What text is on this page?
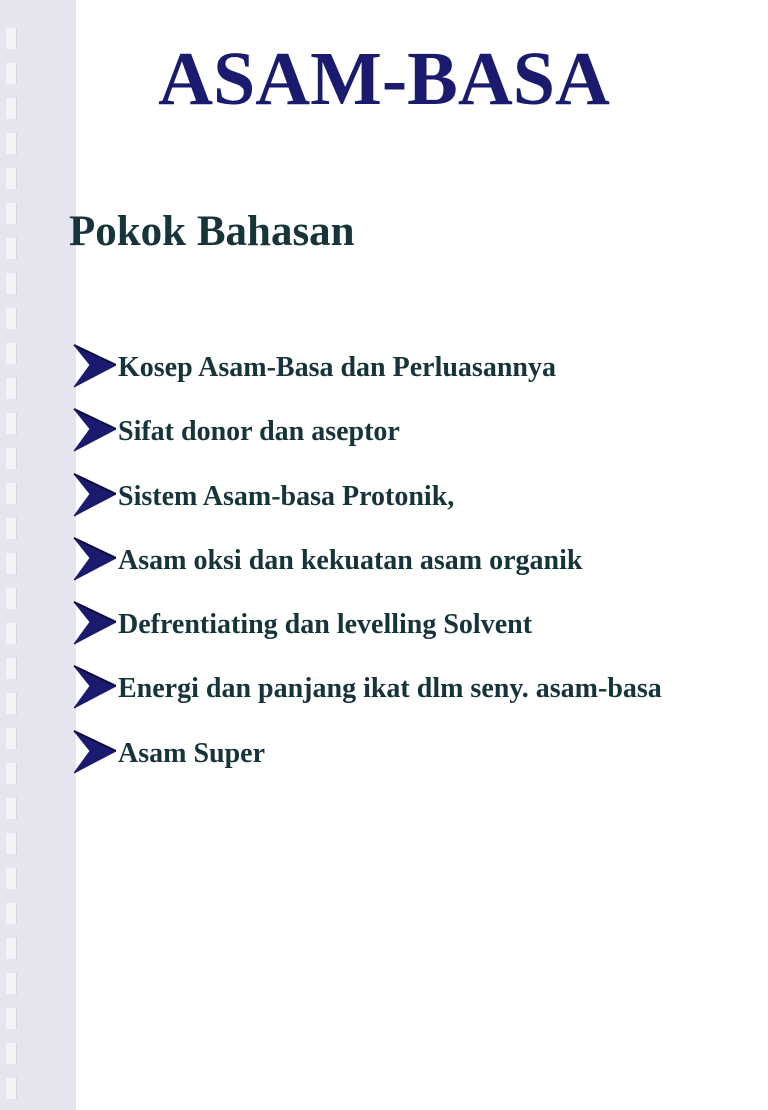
ASAM-BASA
Pokok Bahasan
Kosep Asam-Basa dan Perluasannya
Sifat donor dan aseptor
Sistem Asam-basa Protonik,
Asam oksi dan kekuatan asam organik
Defrentiating dan levelling Solvent
Energi dan panjang ikat dlm seny. asam-basa
Asam Super
